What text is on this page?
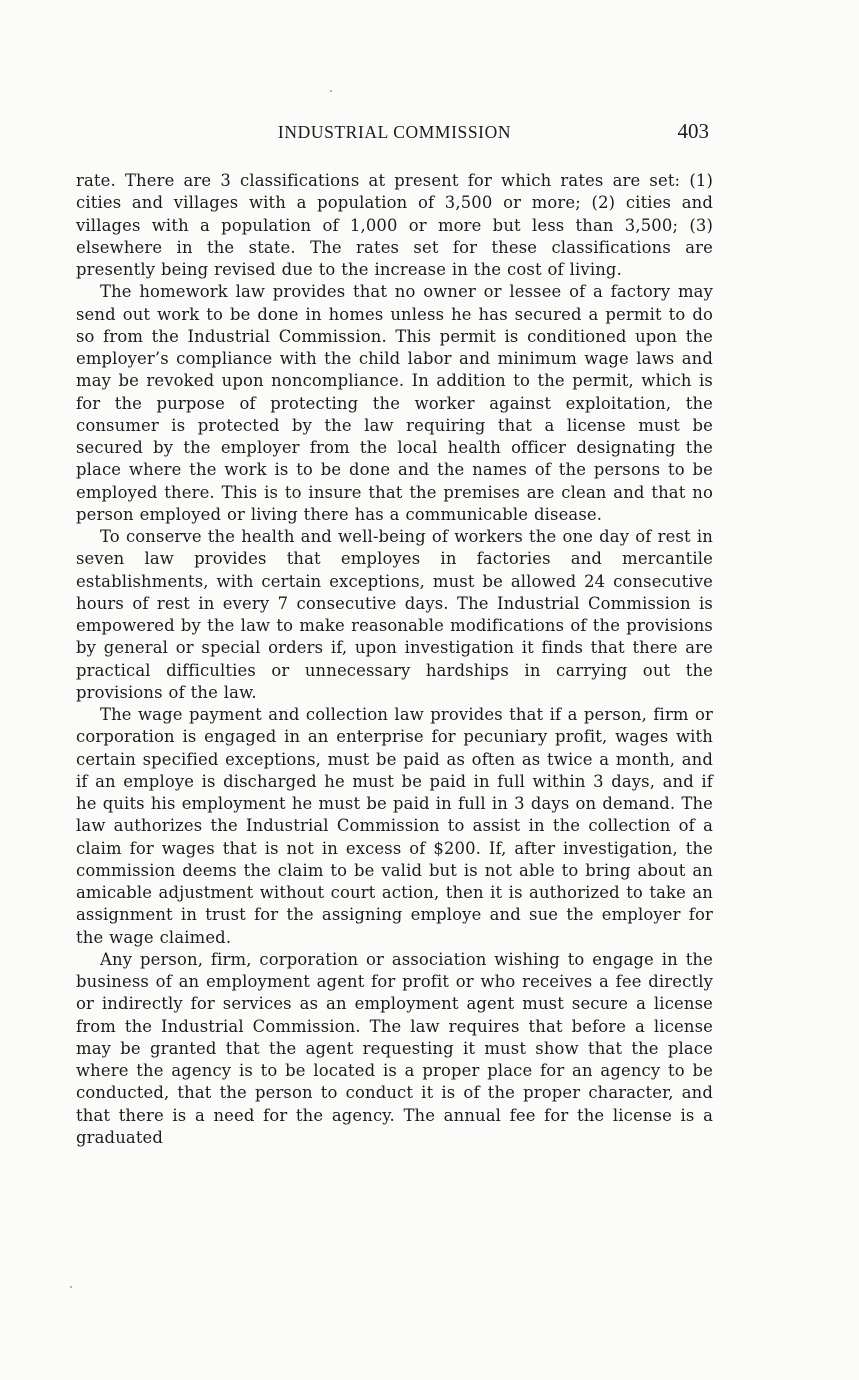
INDUSTRIAL COMMISSION	403

rate. There are 3 classifications at present for which rates are set: (1) cities and villages with a population of 3,500 or more; (2) cities and villages with a population of 1,000 or more but less than 3,500; (3) elsewhere in the state. The rates set for these classifications are presently being revised due to the increase in the cost of living.

The homework law provides that no owner or lessee of a factory may send out work to be done in homes unless he has secured a permit to do so from the Industrial Commission. This permit is conditioned upon the employer’s compliance with the child labor and minimum wage laws and may be revoked upon noncompliance. In addition to the permit, which is for the purpose of protecting the worker against exploitation, the consumer is protected by the law requiring that a license must be secured by the employer from the local health officer designating the place where the work is to be done and the names of the persons to be employed there. This is to insure that the premises are clean and that no person employed or living there has a communicable disease.

To conserve the health and well-being of workers the one day of rest in seven law provides that employes in factories and mercantile establishments, with certain exceptions, must be allowed 24 consecutive hours of rest in every 7 consecutive days. The Industrial Commission is empowered by the law to make reasonable modifications of the provisions by general or special orders if, upon investigation it finds that there are practical difficulties or unnecessary hardships in carrying out the provisions of the law.

The wage payment and collection law provides that if a person, firm or corporation is engaged in an enterprise for pecuniary profit, wages with certain specified exceptions, must be paid as often as twice a month, and if an employe is discharged he must be paid in full within 3 days, and if he quits his employment he must be paid in full in 3 days on demand. The law authorizes the Industrial Commission to assist in the collection of a claim for wages that is not in excess of $200. If, after investigation, the commission deems the claim to be valid but is not able to bring about an amicable adjustment without court action, then it is authorized to take an assignment in trust for the assigning employe and sue the employer for the wage claimed.

Any person, firm, corporation or association wishing to engage in the business of an employment agent for profit or who receives a fee directly or indirectly for services as an employment agent must secure a license from the Industrial Commission. The law requires that before a license may be granted that the agent requesting it must show that the place where the agency is to be located is a proper place for an agency to be conducted, that the person to conduct it is of the proper character, and that there is a need for the agency. The annual fee for the license is a graduated
